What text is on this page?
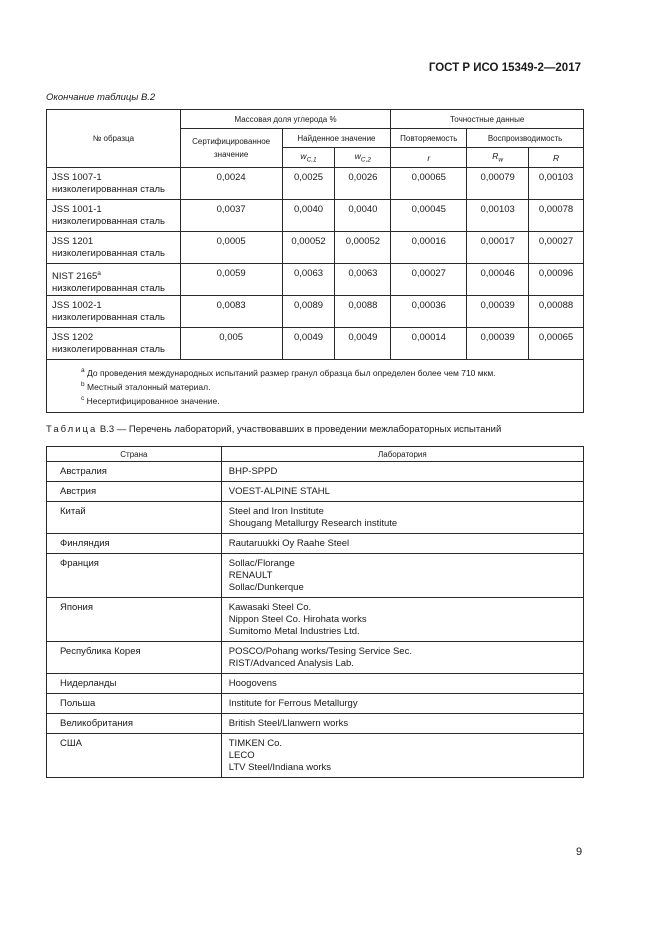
ГОСТ Р ИСО 15349-2—2017
Окончание таблицы В.2
№ образца	Массовая доля углерода %			Точностные данные		
	Сертифицированное значение	Найденное значение		Повторяемость	Воспроизводимость	
		$w_{C,1}$	$w_{C,2}$	r	$R_w$	R
JSS 1007-1
низколегированная сталь	0,0024	0,0025	0,0026	0,00065	0,00079	0,00103
JSS 1001-1
низколегированная сталь	0,0037	0,0040	0,0040	0,00045	0,00103	0,00078
JSS 1201
низколегированная сталь	0,0005	0,00052	0,00052	0,00016	0,00017	0,00027
NIST 2165$^a$
низколегированная сталь	0,0059	0,0063	0,0063	0,00027	0,00046	0,00096
JSS 1002-1
низколегированная сталь	0,0083	0,0089	0,0088	0,00036	0,00039	0,00088
JSS 1202
низколегированная сталь	0,005	0,0049	0,0049	0,00014	0,00039	0,00065

$^a$ До проведения международных испытаний размер гранул образца был определен более чем 710 мкм.
$^b$ Местный эталонный материал.
$^c$ Несертифицированное значение.						
Таблица В.3 — Перечень лабораторий, участвовавших в проведении межлабораторных испытаний
Страна	Лаборатория
Австралия	BHP-SPPD

Австрия	VOEST-ALPINE STAHL

Китай	Steel and Iron Institute
Shougang Metallurgy Research institute

Финляндия	Rautaruukki Oy Raahe Steel

Франция	Sollac/Florange
RENAULT
Sollac/Dunkerque

Япония	Kawasaki Steel Co.
Nippon Steel Co. Hirohata works
Sumitomo Metal Industries Ltd.

Республика Корея	POSCO/Pohang works/Tesing Service Sec.
RIST/Advanced Analysis Lab.

Нидерланды	Hoogovens

Польша	Institute for Ferrous Metallurgy

Великобритания	British Steel/Llanwern works

США	TIMKEN Co.
LECO
LTV Steel/Indiana works
9
